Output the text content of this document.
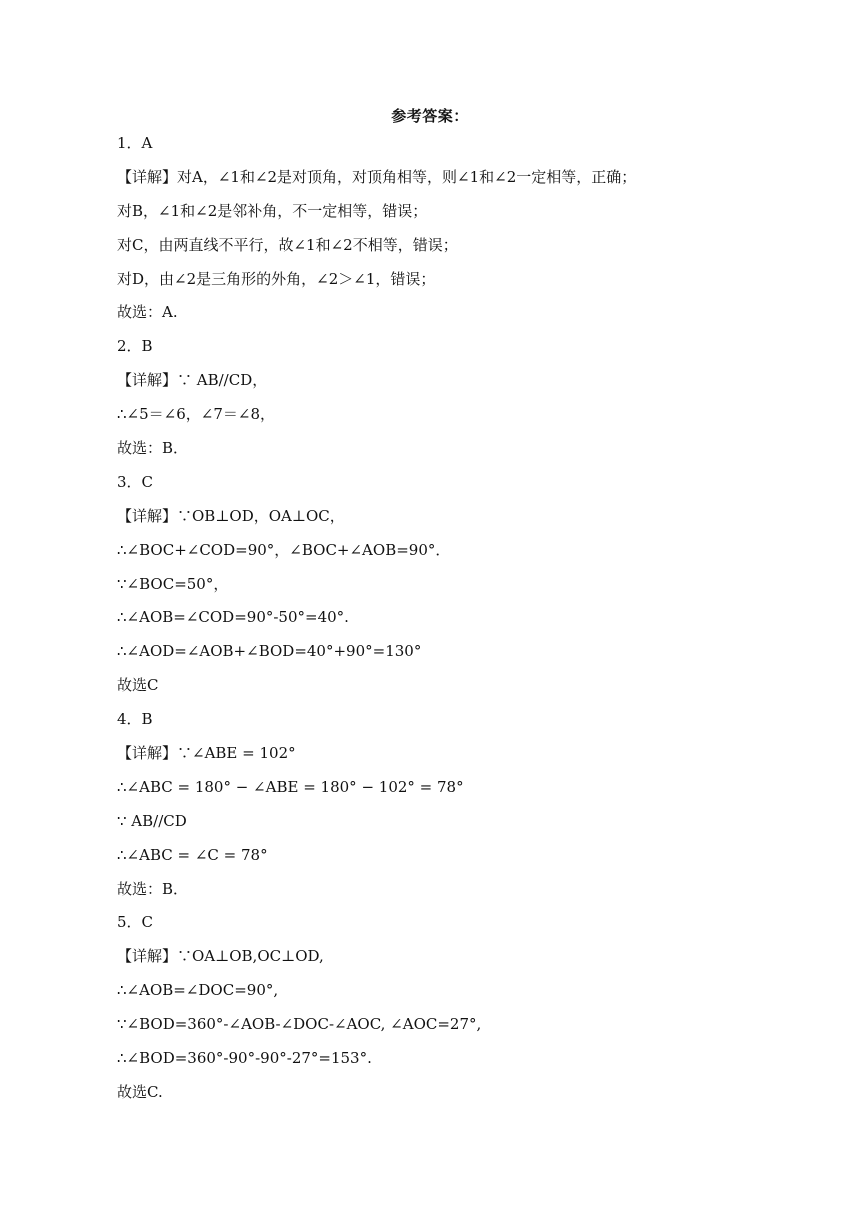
参考答案：
1．A
【详解】对A，∠1和∠2是对顶角，对顶角相等，则∠1和∠2一定相等，正确；
对B，∠1和∠2是邻补角，不一定相等，错误；
对C，由两直线不平行，故∠1和∠2不相等，错误；
对D，由∠2是三角形的外角，∠2＞∠1，错误；
故选：A.
2．B
【详解】∵ AB//CD，
∴∠5＝∠6，∠7＝∠8，
故选：B．
3．C
【详解】∵OB⊥OD，OA⊥OC，
∴∠BOC+∠COD=90°，∠BOC+∠AOB=90°．
∵∠BOC=50°，
∴∠AOB=∠COD=90°-50°=40°.
∴∠AOD=∠AOB+∠BOD=40°+90°=130°
故选C
4．B
【详解】∵∠ABE = 102°
∴∠ABC = 180° − ∠ABE = 180° − 102° = 78°
∵ AB//CD
∴∠ABC = ∠C = 78°
故选：B．
5．C
【详解】∵OA⊥OB,OC⊥OD,
∴∠AOB=∠DOC=90°,
∵∠BOD=360°-∠AOB-∠DOC-∠AOC, ∠AOC=27°,
∴∠BOD=360°-90°-90°-27°=153°.
故选C.
